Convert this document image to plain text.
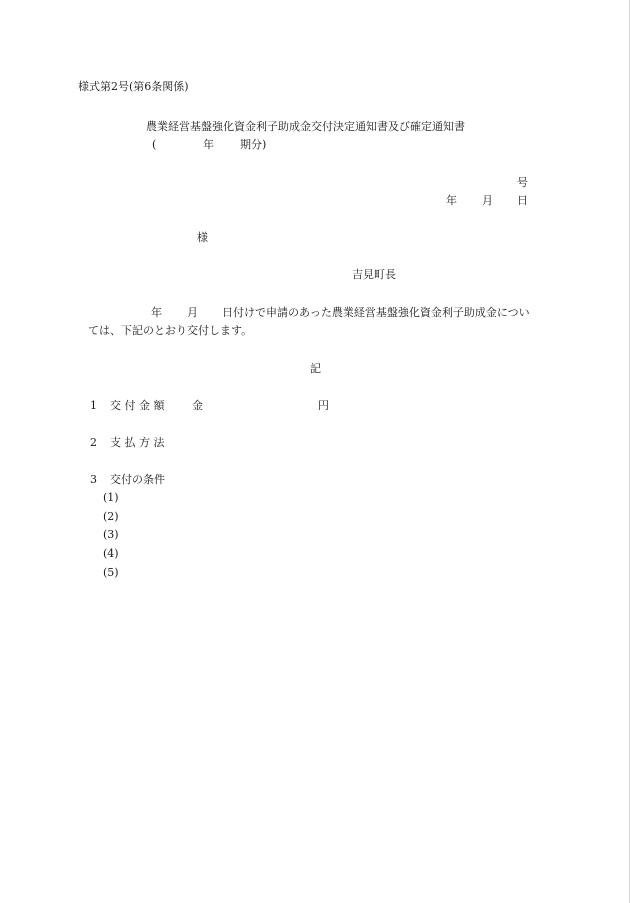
様式第2号(第6条関係)
農業経営基盤強化資金利子助成金交付決定通知書及び確定通知書
(	年 期分)
号
年 月 日
様
吉見町長
年 月 日付けで申請のあった農業経営基盤強化資金利子助成金につい
ては、下記のとおり交付します。
記
1 交 付 金 額	金	円
2 支 払 方 法
3 交付の条件
(1)
(2)
(3)
(4)
(5)
